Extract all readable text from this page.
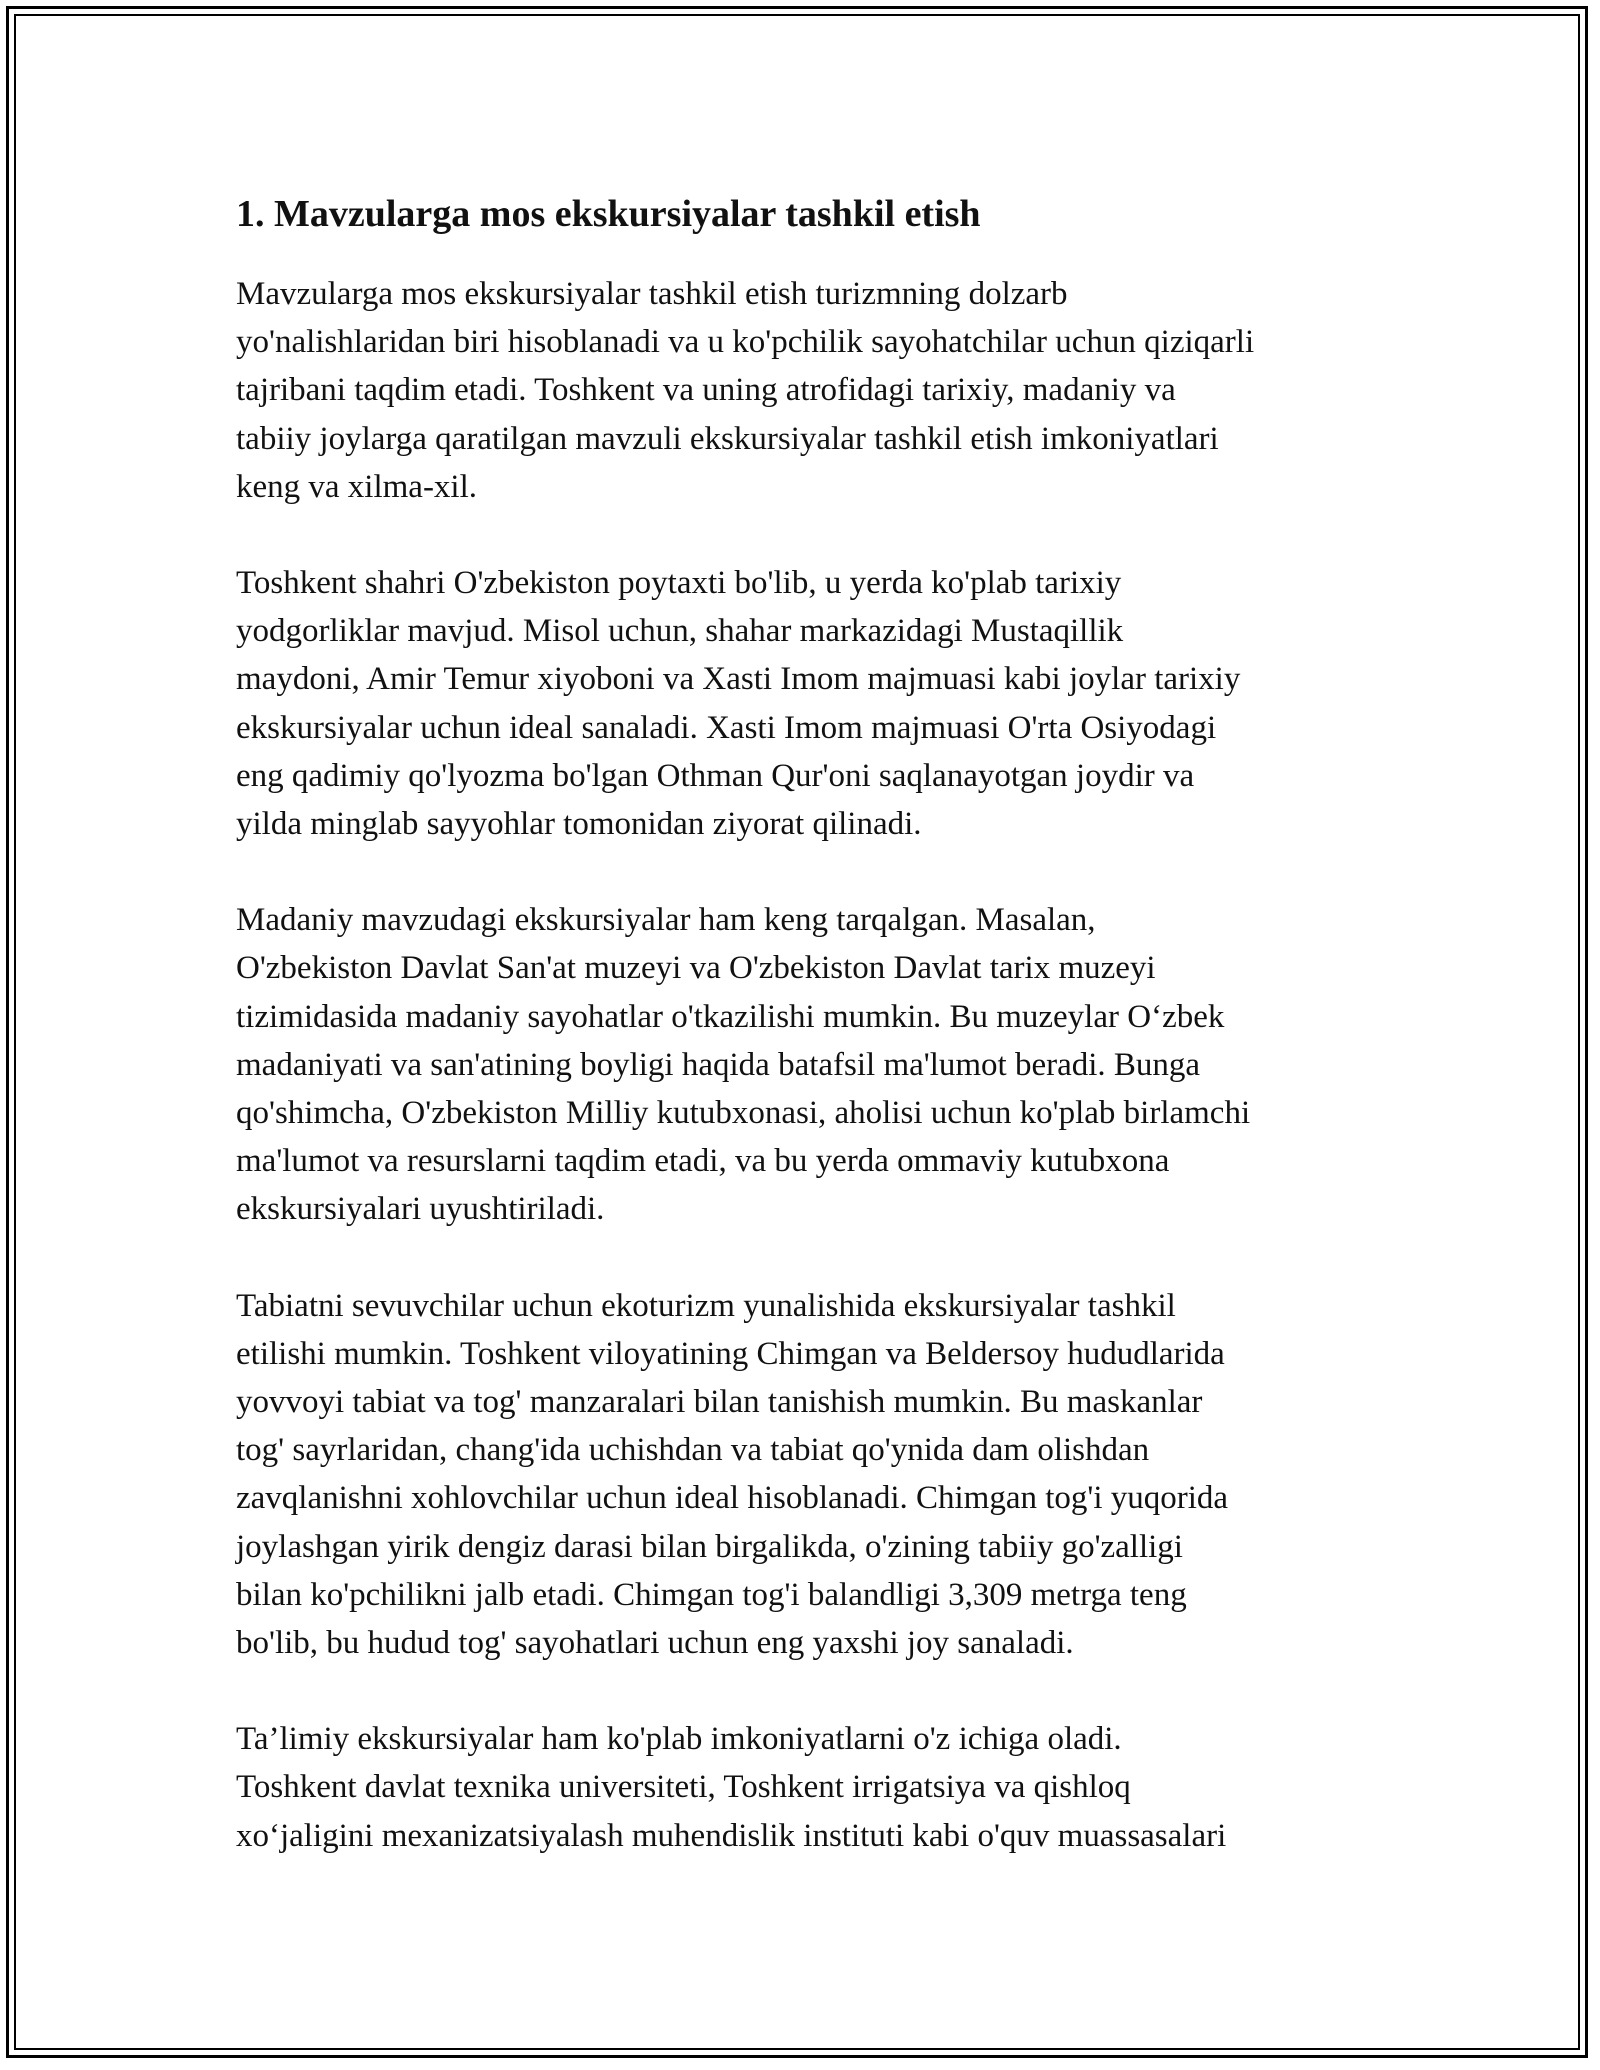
1. Mavzularga mos ekskursiyalar tashkil etish

Mavzularga mos ekskursiyalar tashkil etish turizmning dolzarb
yo'nalishlaridan biri hisoblanadi va u ko'pchilik sayohatchilar uchun qiziqarli
tajribani taqdim etadi. Toshkent va uning atrofidagi tarixiy, madaniy va
tabiiy joylarga qaratilgan mavzuli ekskursiyalar tashkil etish imkoniyatlari
keng va xilma-xil.

Toshkent shahri O'zbekiston poytaxti bo'lib, u yerda ko'plab tarixiy
yodgorliklar mavjud. Misol uchun, shahar markazidagi Mustaqillik
maydoni, Amir Temur xiyoboni va Xasti Imom majmuasi kabi joylar tarixiy
ekskursiyalar uchun ideal sanaladi. Xasti Imom majmuasi O'rta Osiyodagi
eng qadimiy qo'lyozma bo'lgan Othman Qur'oni saqlanayotgan joydir va
yilda minglab sayyohlar tomonidan ziyorat qilinadi.

Madaniy mavzudagi ekskursiyalar ham keng tarqalgan. Masalan,
O'zbekiston Davlat San'at muzeyi va O'zbekiston Davlat tarix muzeyi
tizimidasida madaniy sayohatlar o'tkazilishi mumkin. Bu muzeylar O‘zbek
madaniyati va san'atining boyligi haqida batafsil ma'lumot beradi. Bunga
qo'shimcha, O'zbekiston Milliy kutubxonasi, aholisi uchun ko'plab birlamchi
ma'lumot va resurslarni taqdim etadi, va bu yerda ommaviy kutubxona
ekskursiyalari uyushtiriladi.

Tabiatni sevuvchilar uchun ekoturizm yunalishida ekskursiyalar tashkil
etilishi mumkin. Toshkent viloyatining Chimgan va Beldersoy hududlarida
yovvoyi tabiat va tog' manzaralari bilan tanishish mumkin. Bu maskanlar
tog' sayrlaridan, chang'ida uchishdan va tabiat qo'ynida dam olishdan
zavqlanishni xohlovchilar uchun ideal hisoblanadi. Chimgan tog'i yuqorida
joylashgan yirik dengiz darasi bilan birgalikda, o'zining tabiiy go'zalligi
bilan ko'pchilikni jalb etadi. Chimgan tog'i balandligi 3,309 metrga teng
bo'lib, bu hudud tog' sayohatlari uchun eng yaxshi joy sanaladi.

Ta’limiy ekskursiyalar ham ko'plab imkoniyatlarni o'z ichiga oladi.
Toshkent davlat texnika universiteti, Toshkent irrigatsiya va qishloq
xo‘jaligini mexanizatsiyalash muhendislik instituti kabi o'quv muassasalari
